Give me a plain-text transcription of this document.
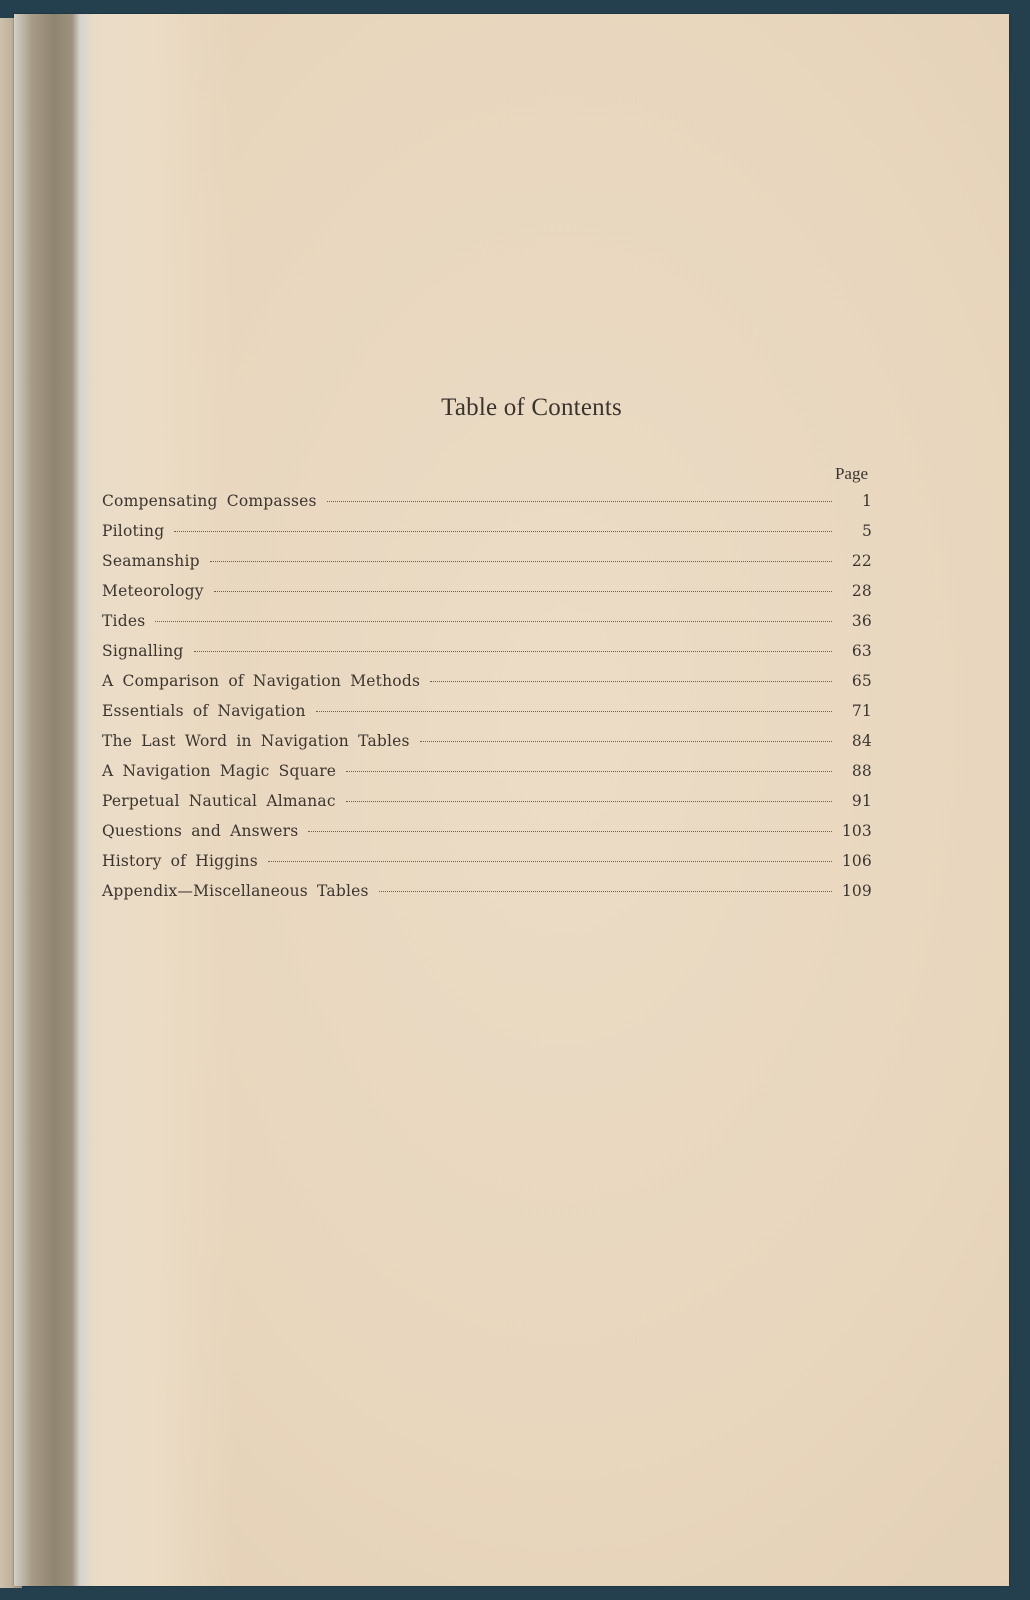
Table of Contents
Page
Compensating Compasses	1
Piloting	5
Seamanship	22
Meteorology	28
Tides	36
Signalling	63
A Comparison of Navigation Methods	65
Essentials of Navigation	71
The Last Word in Navigation Tables	84
A Navigation Magic Square	88
Perpetual Nautical Almanac	91
Questions and Answers	103
History of Higgins	106
Appendix—Miscellaneous Tables	109
